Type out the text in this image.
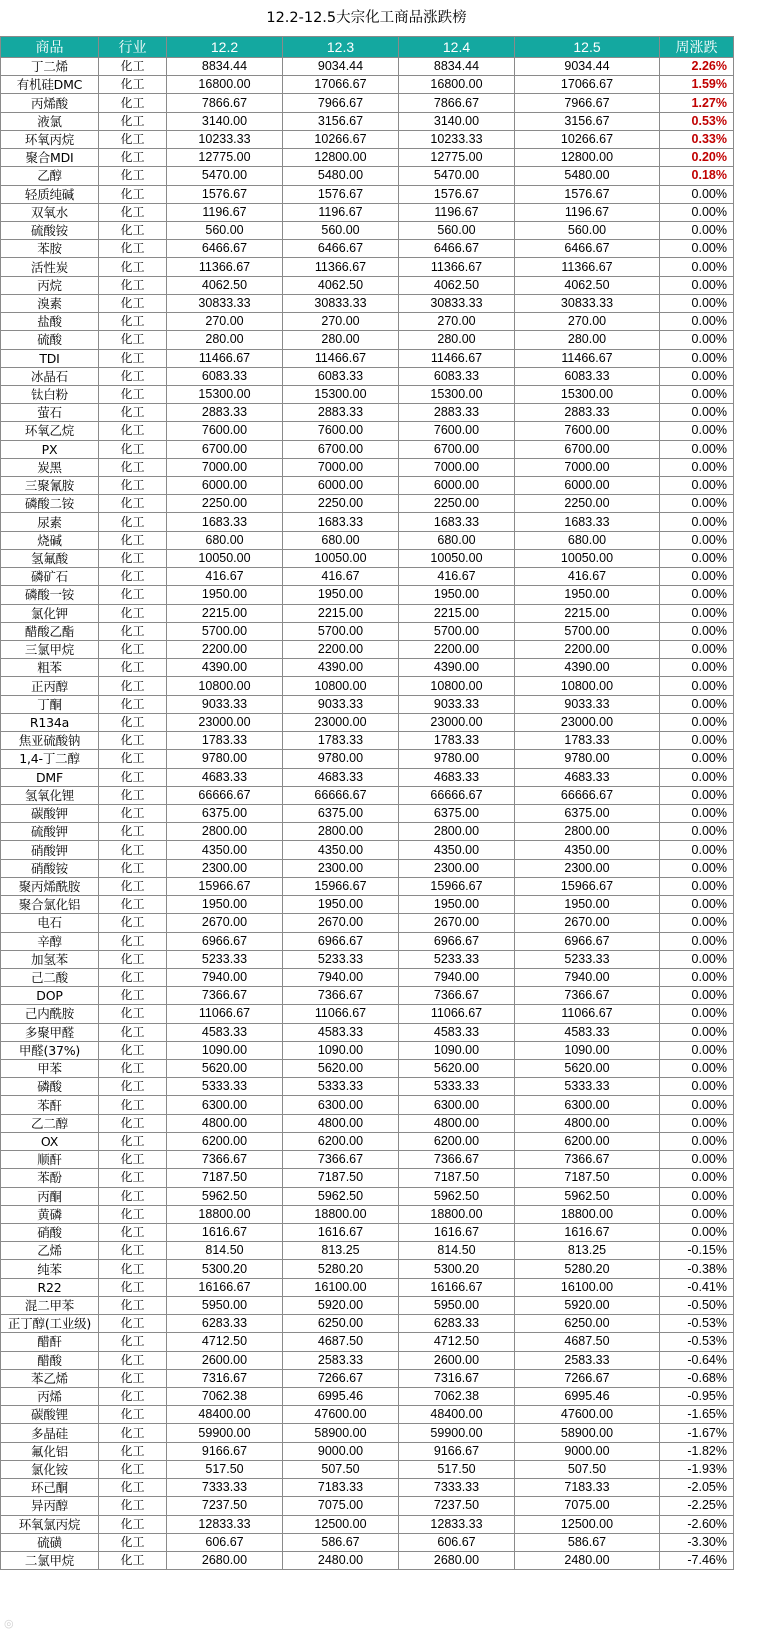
12.2-12.5大宗化工商品涨跌榜
商品	行业	12.2	12.3	12.4	12.5	周涨跌
丁二烯	化工	8834.44	9034.44	8834.44	9034.44	2.26%
有机硅DMC	化工	16800.00	17066.67	16800.00	17066.67	1.59%
丙烯酸	化工	7866.67	7966.67	7866.67	7966.67	1.27%
液氯	化工	3140.00	3156.67	3140.00	3156.67	0.53%
环氧丙烷	化工	10233.33	10266.67	10233.33	10266.67	0.33%
聚合MDI	化工	12775.00	12800.00	12775.00	12800.00	0.20%
乙醇	化工	5470.00	5480.00	5470.00	5480.00	0.18%
轻质纯碱	化工	1576.67	1576.67	1576.67	1576.67	0.00%
双氧水	化工	1196.67	1196.67	1196.67	1196.67	0.00%
硫酸铵	化工	560.00	560.00	560.00	560.00	0.00%
苯胺	化工	6466.67	6466.67	6466.67	6466.67	0.00%
活性炭	化工	11366.67	11366.67	11366.67	11366.67	0.00%
丙烷	化工	4062.50	4062.50	4062.50	4062.50	0.00%
溴素	化工	30833.33	30833.33	30833.33	30833.33	0.00%
盐酸	化工	270.00	270.00	270.00	270.00	0.00%
硫酸	化工	280.00	280.00	280.00	280.00	0.00%
TDI	化工	11466.67	11466.67	11466.67	11466.67	0.00%
冰晶石	化工	6083.33	6083.33	6083.33	6083.33	0.00%
钛白粉	化工	15300.00	15300.00	15300.00	15300.00	0.00%
萤石	化工	2883.33	2883.33	2883.33	2883.33	0.00%
环氧乙烷	化工	7600.00	7600.00	7600.00	7600.00	0.00%
PX	化工	6700.00	6700.00	6700.00	6700.00	0.00%
炭黑	化工	7000.00	7000.00	7000.00	7000.00	0.00%
三聚氰胺	化工	6000.00	6000.00	6000.00	6000.00	0.00%
磷酸二铵	化工	2250.00	2250.00	2250.00	2250.00	0.00%
尿素	化工	1683.33	1683.33	1683.33	1683.33	0.00%
烧碱	化工	680.00	680.00	680.00	680.00	0.00%
氢氟酸	化工	10050.00	10050.00	10050.00	10050.00	0.00%
磷矿石	化工	416.67	416.67	416.67	416.67	0.00%
磷酸一铵	化工	1950.00	1950.00	1950.00	1950.00	0.00%
氯化钾	化工	2215.00	2215.00	2215.00	2215.00	0.00%
醋酸乙酯	化工	5700.00	5700.00	5700.00	5700.00	0.00%
三氯甲烷	化工	2200.00	2200.00	2200.00	2200.00	0.00%
粗苯	化工	4390.00	4390.00	4390.00	4390.00	0.00%
正丙醇	化工	10800.00	10800.00	10800.00	10800.00	0.00%
丁酮	化工	9033.33	9033.33	9033.33	9033.33	0.00%
R134a	化工	23000.00	23000.00	23000.00	23000.00	0.00%
焦亚硫酸钠	化工	1783.33	1783.33	1783.33	1783.33	0.00%
1,4-丁二醇	化工	9780.00	9780.00	9780.00	9780.00	0.00%
DMF	化工	4683.33	4683.33	4683.33	4683.33	0.00%
氢氧化锂	化工	66666.67	66666.67	66666.67	66666.67	0.00%
碳酸钾	化工	6375.00	6375.00	6375.00	6375.00	0.00%
硫酸钾	化工	2800.00	2800.00	2800.00	2800.00	0.00%
硝酸钾	化工	4350.00	4350.00	4350.00	4350.00	0.00%
硝酸铵	化工	2300.00	2300.00	2300.00	2300.00	0.00%
聚丙烯酰胺	化工	15966.67	15966.67	15966.67	15966.67	0.00%
聚合氯化铝	化工	1950.00	1950.00	1950.00	1950.00	0.00%
电石	化工	2670.00	2670.00	2670.00	2670.00	0.00%
辛醇	化工	6966.67	6966.67	6966.67	6966.67	0.00%
加氢苯	化工	5233.33	5233.33	5233.33	5233.33	0.00%
己二酸	化工	7940.00	7940.00	7940.00	7940.00	0.00%
DOP	化工	7366.67	7366.67	7366.67	7366.67	0.00%
己内酰胺	化工	11066.67	11066.67	11066.67	11066.67	0.00%
多聚甲醛	化工	4583.33	4583.33	4583.33	4583.33	0.00%
甲醛(37%)	化工	1090.00	1090.00	1090.00	1090.00	0.00%
甲苯	化工	5620.00	5620.00	5620.00	5620.00	0.00%
磷酸	化工	5333.33	5333.33	5333.33	5333.33	0.00%
苯酐	化工	6300.00	6300.00	6300.00	6300.00	0.00%
乙二醇	化工	4800.00	4800.00	4800.00	4800.00	0.00%
OX	化工	6200.00	6200.00	6200.00	6200.00	0.00%
顺酐	化工	7366.67	7366.67	7366.67	7366.67	0.00%
苯酚	化工	7187.50	7187.50	7187.50	7187.50	0.00%
丙酮	化工	5962.50	5962.50	5962.50	5962.50	0.00%
黄磷	化工	18800.00	18800.00	18800.00	18800.00	0.00%
硝酸	化工	1616.67	1616.67	1616.67	1616.67	0.00%
乙烯	化工	814.50	813.25	814.50	813.25	-0.15%
纯苯	化工	5300.20	5280.20	5300.20	5280.20	-0.38%
R22	化工	16166.67	16100.00	16166.67	16100.00	-0.41%
混二甲苯	化工	5950.00	5920.00	5950.00	5920.00	-0.50%
正丁醇(工业级)	化工	6283.33	6250.00	6283.33	6250.00	-0.53%
醋酐	化工	4712.50	4687.50	4712.50	4687.50	-0.53%
醋酸	化工	2600.00	2583.33	2600.00	2583.33	-0.64%
苯乙烯	化工	7316.67	7266.67	7316.67	7266.67	-0.68%
丙烯	化工	7062.38	6995.46	7062.38	6995.46	-0.95%
碳酸锂	化工	48400.00	47600.00	48400.00	47600.00	-1.65%
多晶硅	化工	59900.00	58900.00	59900.00	58900.00	-1.67%
氟化铝	化工	9166.67	9000.00	9166.67	9000.00	-1.82%
氯化铵	化工	517.50	507.50	517.50	507.50	-1.93%
环己酮	化工	7333.33	7183.33	7333.33	7183.33	-2.05%
异丙醇	化工	7237.50	7075.00	7237.50	7075.00	-2.25%
环氧氯丙烷	化工	12833.33	12500.00	12833.33	12500.00	-2.60%
硫磺	化工	606.67	586.67	606.67	586.67	-3.30%
二氯甲烷	化工	2680.00	2480.00	2680.00	2480.00	-7.46%
◎
